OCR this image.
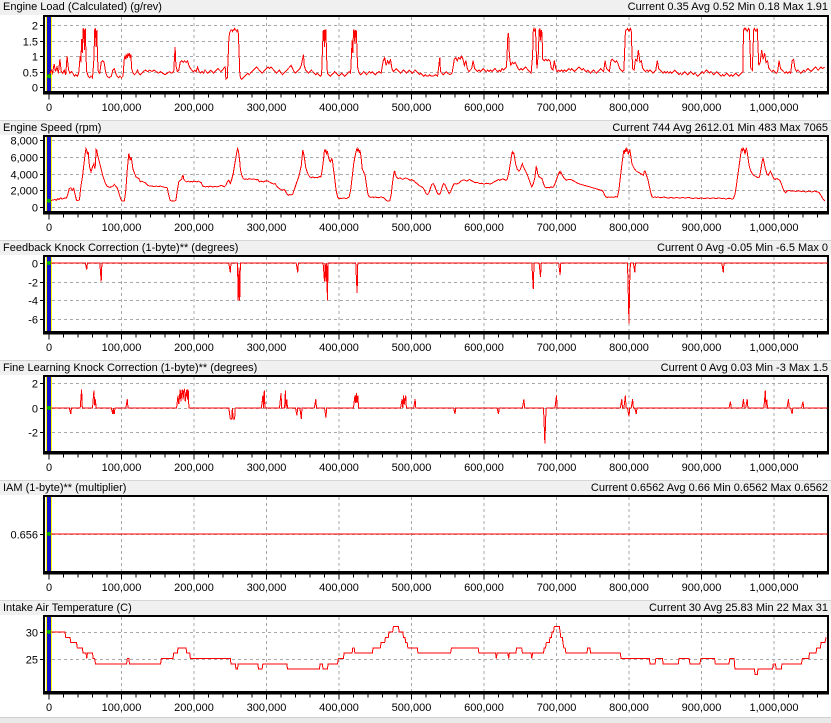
Engine Load (Calculated) (g/rev)	Current 0.35 Avg 0.52 Min 0.18 Max 1.91
2
1.5
1
0.5
0
0	100,000	200,000	300,000	400,000	500,000	600,000	700,000	800,000	900,000	1,000,000
Engine Speed (rpm)	Current 744 Avg 2612.01 Min 483 Max 7065
8,000
6,000
4,000
2,000
0
0	100,000	200,000	300,000	400,000	500,000	600,000	700,000	800,000	900,000	1,000,000
Feedback Knock Correction (1-byte)** (degrees)	Current 0 Avg -0.05 Min -6.5 Max 0
0
-2
-4
-6
0	100,000	200,000	300,000	400,000	500,000	600,000	700,000	800,000	900,000	1,000,000
Fine Learning Knock Correction (1-byte)** (degrees)	Current 0 Avg 0.03 Min -3 Max 1.5
2
0
-2
0	100,000	200,000	300,000	400,000	500,000	600,000	700,000	800,000	900,000	1,000,000
IAM (1-byte)** (multiplier)	Current 0.6562 Avg 0.66 Min 0.6562 Max 0.6562
0.656
0	100,000	200,000	300,000	400,000	500,000	600,000	700,000	800,000	900,000	1,000,000
Intake Air Temperature (C)	Current 30 Avg 25.83 Min 22 Max 31
30
25
0	100,000	200,000	300,000	400,000	500,000	600,000	700,000	800,000	900,000	1,000,000
